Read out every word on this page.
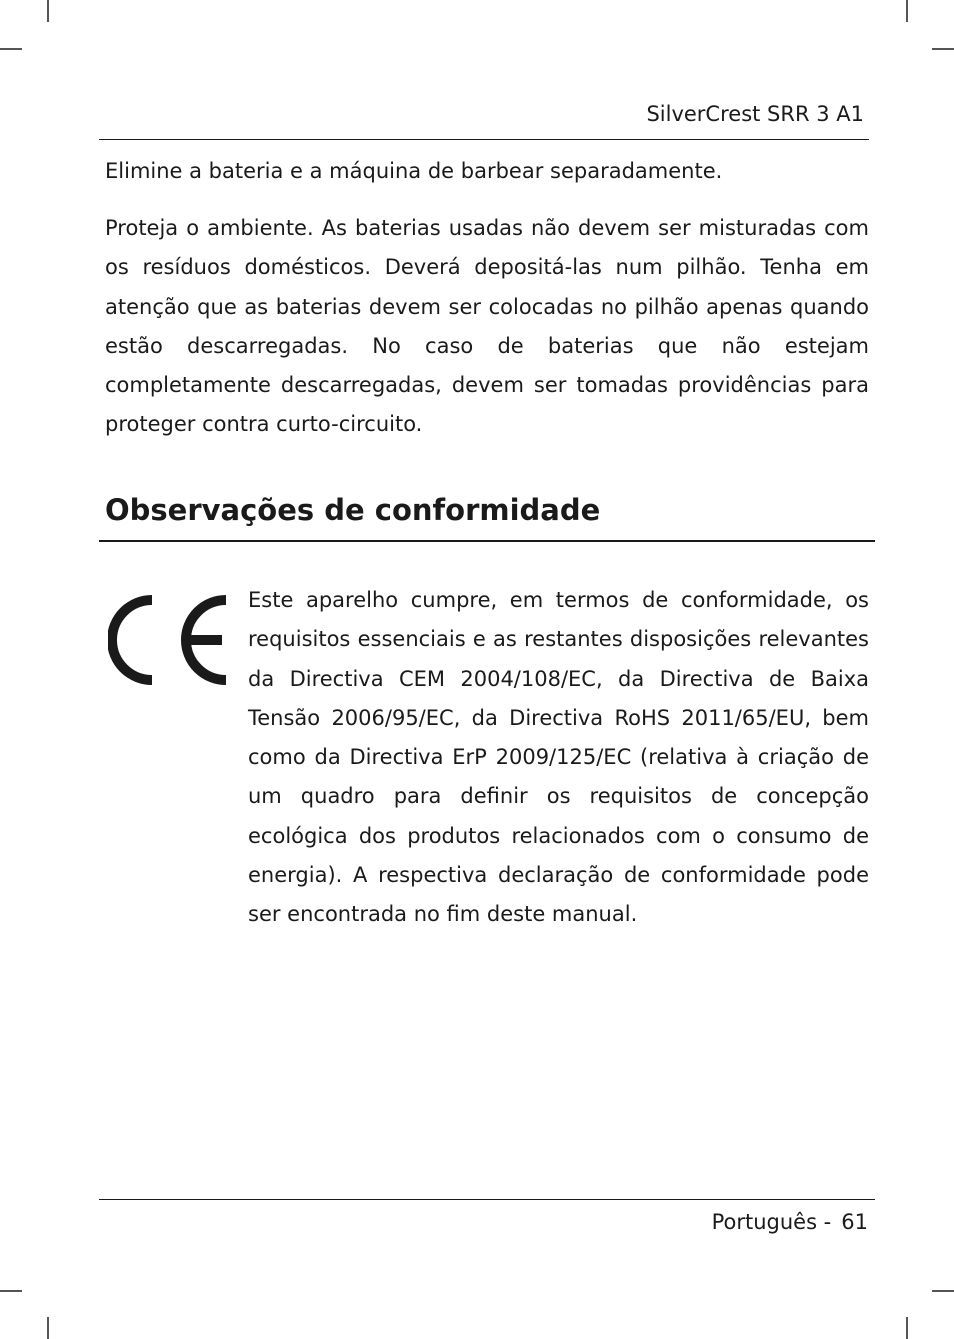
SilverCrest SRR 3 A1

Elimine a bateria e a máquina de barbear separadamente.

Proteja o ambiente. As baterias usadas não devem ser misturadas com os resíduos domésticos. Deverá depositá-las num pilhão. Tenha em atenção que as baterias devem ser colocadas no pilhão apenas quando estão descarregadas. No caso de baterias que não estejam completamente descarregadas, devem ser tomadas providências para proteger contra curto-circuito.

Observações de conformidade

Este aparelho cumpre, em termos de conformidade, os requisitos essenciais e as restantes disposições relevantes da Directiva CEM 2004/108/EC, da Directiva de Baixa Tensão 2006/95/EC, da Directiva RoHS 2011/65/EU, bem como da Directiva ErP 2009/125/EC (relativa à criação de um quadro para definir os requisitos de concepção ecológica dos produtos relacionados com o consumo de energia). A respectiva declaração de conformidade pode ser encontrada no fim deste manual.

Português - 61
